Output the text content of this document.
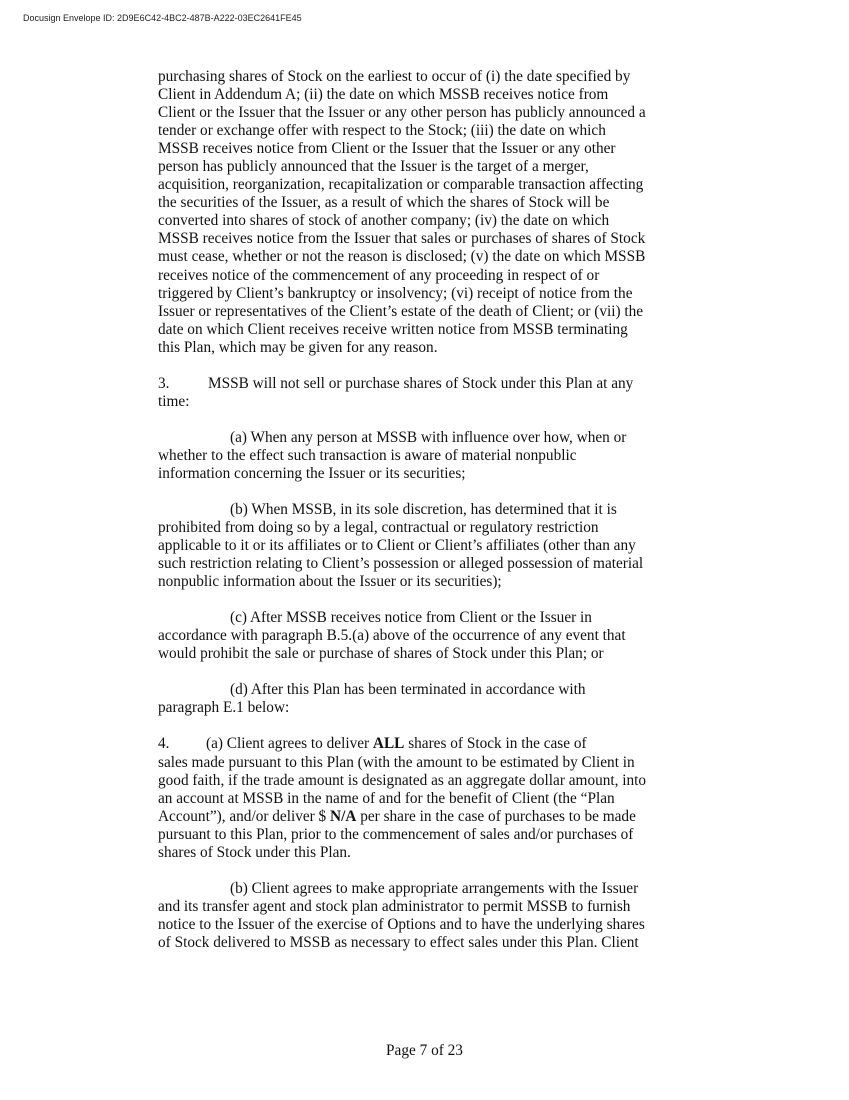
Docusign Envelope ID: 2D9E6C42-4BC2-487B-A222-03EC2641FE45

purchasing shares of Stock on the earliest to occur of (i) the date specified by
Client in Addendum A; (ii) the date on which MSSB receives notice from
Client or the Issuer that the Issuer or any other person has publicly announced a
tender or exchange offer with respect to the Stock; (iii) the date on which
MSSB receives notice from Client or the Issuer that the Issuer or any other
person has publicly announced that the Issuer is the target of a merger,
acquisition, reorganization, recapitalization or comparable transaction affecting
the securities of the Issuer, as a result of which the shares of Stock will be
converted into shares of stock of another company; (iv) the date on which
MSSB receives notice from the Issuer that sales or purchases of shares of Stock
must cease, whether or not the reason is disclosed; (v) the date on which MSSB
receives notice of the commencement of any proceeding in respect of or
triggered by Client’s bankruptcy or insolvency; (vi) receipt of notice from the
Issuer or representatives of the Client’s estate of the death of Client; or (vii) the
date on which Client receives receive written notice from MSSB terminating
this Plan, which may be given for any reason.

3.	MSSB will not sell or purchase shares of Stock under this Plan at any
time:

(a) When any person at MSSB with influence over how, when or
whether to the effect such transaction is aware of material nonpublic
information concerning the Issuer or its securities;

(b) When MSSB, in its sole discretion, has determined that it is
prohibited from doing so by a legal, contractual or regulatory restriction
applicable to it or its affiliates or to Client or Client’s affiliates (other than any
such restriction relating to Client’s possession or alleged possession of material
nonpublic information about the Issuer or its securities);

(c) After MSSB receives notice from Client or the Issuer in
accordance with paragraph B.5.(a) above of the occurrence of any event that
would prohibit the sale or purchase of shares of Stock under this Plan; or

(d) After this Plan has been terminated in accordance with
paragraph E.1 below:

4. (a) Client agrees to deliver ALL shares of Stock in the case of
sales made pursuant to this Plan (with the amount to be estimated by Client in
good faith, if the trade amount is designated as an aggregate dollar amount, into
an account at MSSB in the name of and for the benefit of Client (the “Plan
Account”), and/or deliver $ N/A per share in the case of purchases to be made
pursuant to this Plan, prior to the commencement of sales and/or purchases of
shares of Stock under this Plan.

(b) Client agrees to make appropriate arrangements with the Issuer
and its transfer agent and stock plan administrator to permit MSSB to furnish
notice to the Issuer of the exercise of Options and to have the underlying shares
of Stock delivered to MSSB as necessary to effect sales under this Plan. Client

Page 7 of 23
